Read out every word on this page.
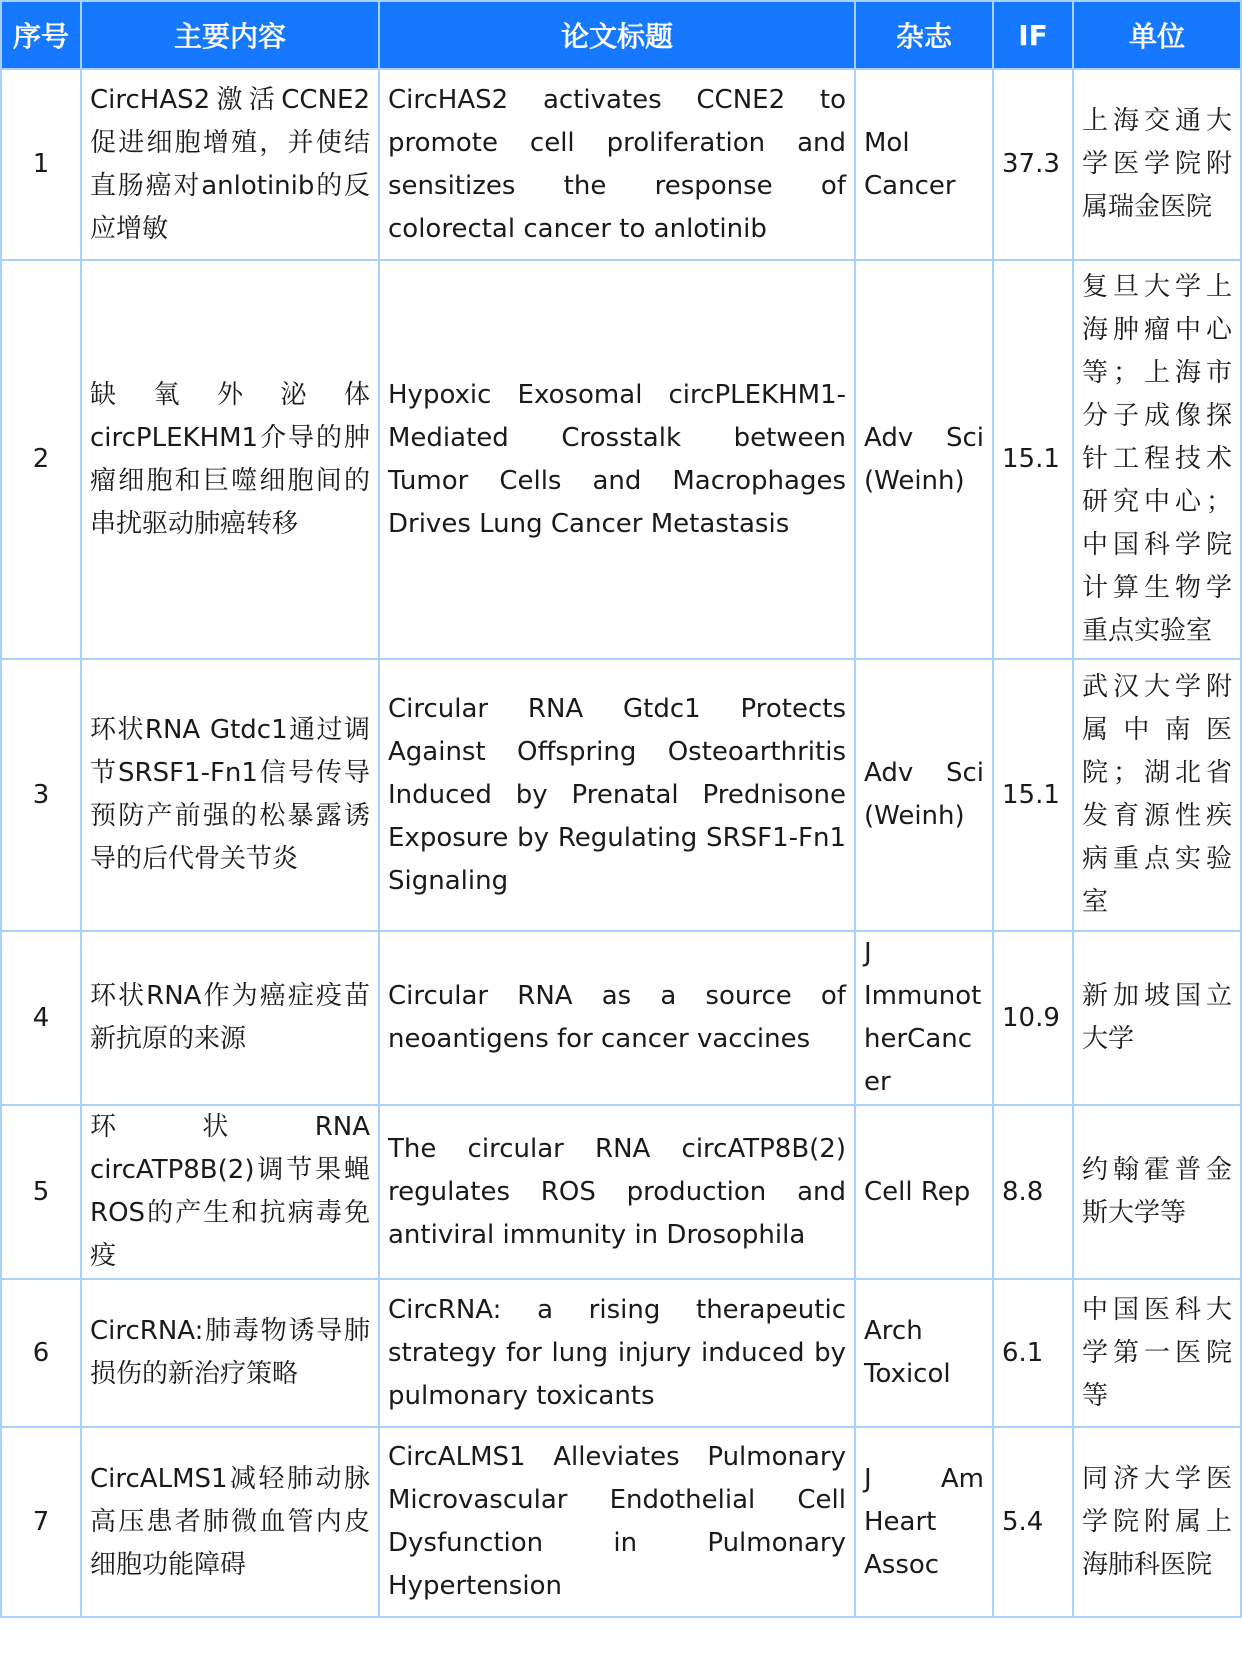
序号	主要内容	论文标题	杂志	IF	单位
1	CircHAS2激活CCNE2促进细胞增殖，并使结直肠癌对anlotinib的反应增敏	CircHAS2 activates CCNE2 to promote cell proliferation and sensitizes the response of colorectal cancer to anlotinib	Mol Cancer	37.3	上海交通大学医学院附属瑞金医院
2	缺氧外泌体circPLEKHM1介导的肿瘤细胞和巨噬细胞间的串扰驱动肺癌转移	Hypoxic Exosomal circPLEKHM1-Mediated Crosstalk between Tumor Cells and Macrophages Drives Lung Cancer Metastasis	Adv Sci (Weinh)	15.1	复旦大学上海肿瘤中心等；上海市分子成像探针工程技术研究中心；中国科学院计算生物学重点实验室
3	环状RNA Gtdc1通过调节SRSF1-Fn1信号传导预防产前强的松暴露诱导的后代骨关节炎	Circular RNA Gtdc1 Protects Against Offspring Osteoarthritis Induced by Prenatal Prednisone Exposure by Regulating SRSF1-Fn1 Signaling	Adv Sci (Weinh)	15.1	武汉大学附属中南医院；湖北省发育源性疾病重点实验室
4	环状RNA作为癌症疫苗新抗原的来源	Circular RNA as a source of neoantigens for cancer vaccines	J ImmunotherCancer	10.9	新加坡国立大学
5	环状RNA circATP8B(2)调节果蝇ROS的产生和抗病毒免疫	The circular RNA circATP8B(2) regulates ROS production and antiviral immunity in Drosophila	Cell Rep	8.8	约翰霍普金斯大学等
6	CircRNA:肺毒物诱导肺损伤的新治疗策略	CircRNA: a rising therapeutic strategy for lung injury induced by pulmonary toxicants	Arch Toxicol	6.1	中国医科大学第一医院等
7	CircALMS1减轻肺动脉高压患者肺微血管内皮细胞功能障碍	CircALMS1 Alleviates Pulmonary Microvascular Endothelial Cell Dysfunction in Pulmonary Hypertension	J Am Heart Assoc	5.4	同济大学医学院附属上海肺科医院
